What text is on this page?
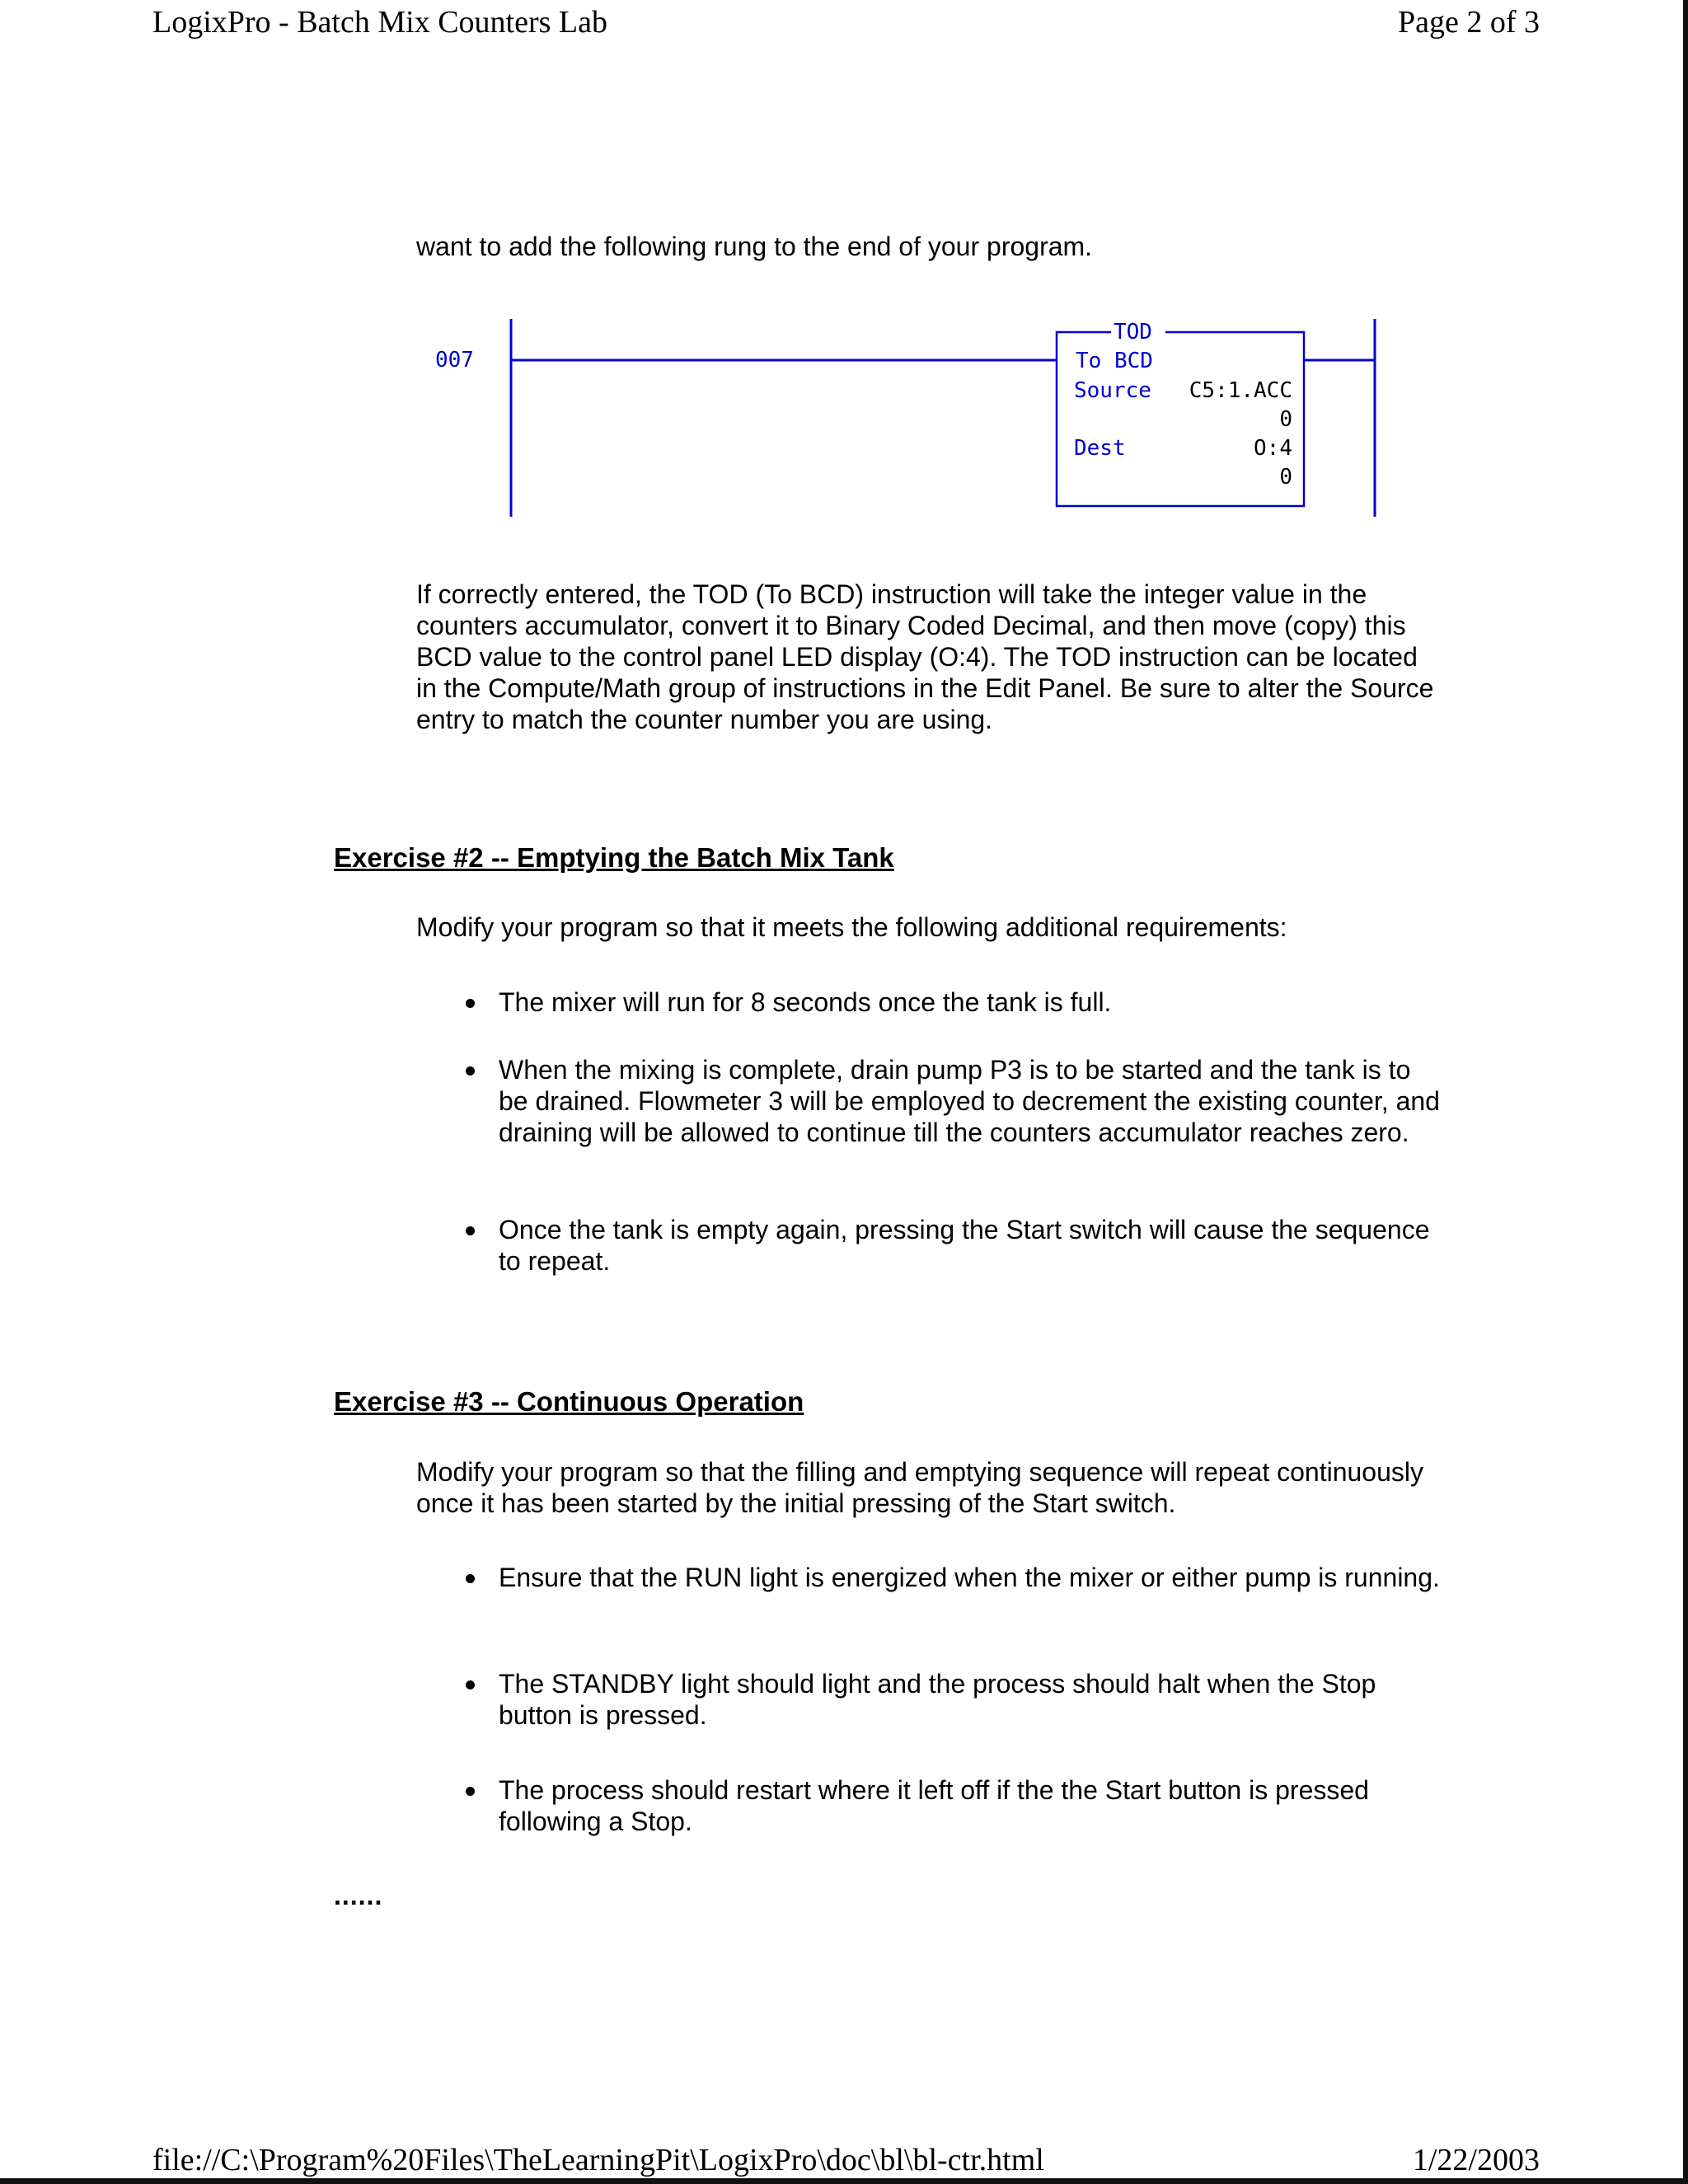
LogixPro - Batch Mix Counters Lab	Page 2 of 3

want to add the following rung to the end of your program.

007
TOD
To BCD
Source
Dest
C5:1.ACC
0
O:4
0

If correctly entered, the TOD (To BCD) instruction will take the integer value in the counters accumulator, convert it to Binary Coded Decimal, and then move (copy) this BCD value to the control panel LED display (O:4). The TOD instruction can be located in the Compute/Math group of instructions in the Edit Panel. Be sure to alter the Source entry to match the counter number you are using.

Exercise #2 -- Emptying the Batch Mix Tank

Modify your program so that it meets the following additional requirements:

The mixer will run for 8 seconds once the tank is full.
When the mixing is complete, drain pump P3 is to be started and the tank is to be drained. Flowmeter 3 will be employed to decrement the existing counter, and draining will be allowed to continue till the counters accumulator reaches zero.
Once the tank is empty again, pressing the Start switch will cause the sequence to repeat.
Exercise #3 -- Continuous Operation

Modify your program so that the filling and emptying sequence will repeat continuously once it has been started by the initial pressing of the Start switch.

Ensure that the RUN light is energized when the mixer or either pump is running.
The STANDBY light should light and the process should halt when the Stop button is pressed.
The process should restart where it left off if the the Start button is pressed following a Stop.
......
file://C:\Program%20Files\TheLearningPit\LogixPro\doc\bl\bl-ctr.html	1/22/2003
